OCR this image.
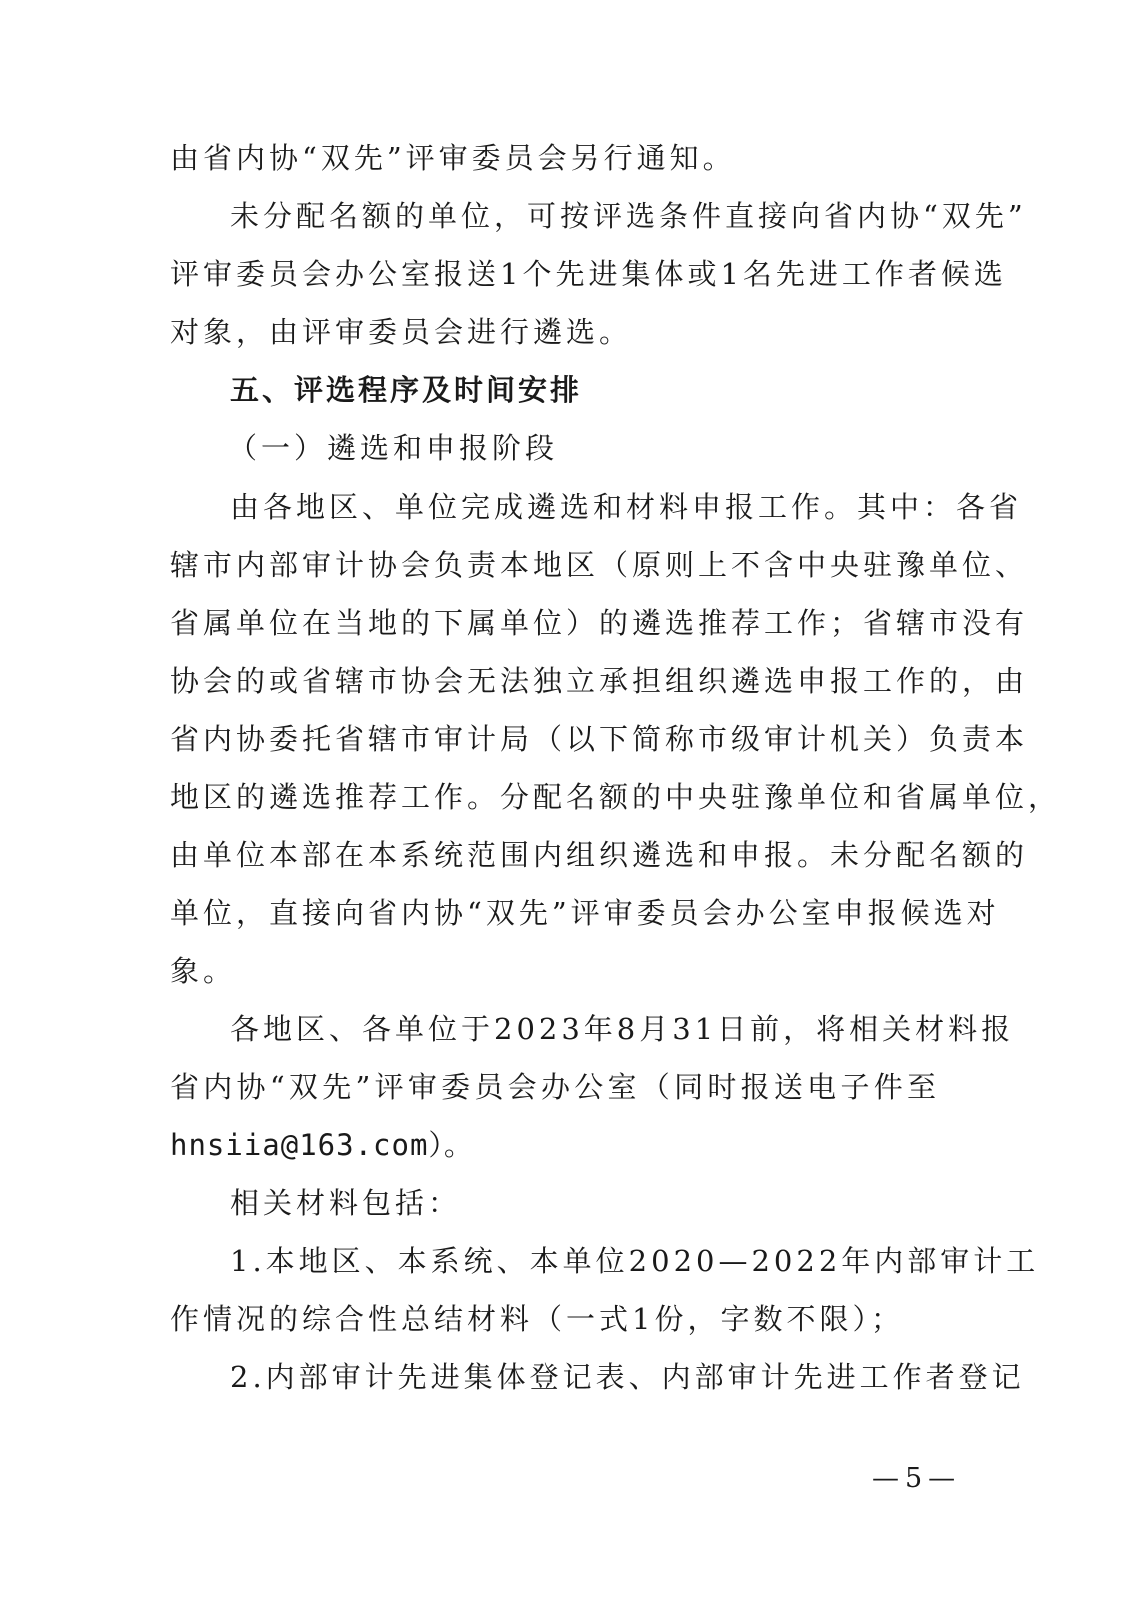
由省内协“双先”评审委员会另行通知。
未分配名额的单位，可按评选条件直接向省内协“双先”
评审委员会办公室报送1个先进集体或1名先进工作者候选
对象，由评审委员会进行遴选。
五、评选程序及时间安排
（一）遴选和申报阶段
由各地区、单位完成遴选和材料申报工作。其中：各省
辖市内部审计协会负责本地区（原则上不含中央驻豫单位、
省属单位在当地的下属单位）的遴选推荐工作；省辖市没有
协会的或省辖市协会无法独立承担组织遴选申报工作的，由
省内协委托省辖市审计局（以下简称市级审计机关）负责本
地区的遴选推荐工作。分配名额的中央驻豫单位和省属单位，
由单位本部在本系统范围内组织遴选和申报。未分配名额的
单位，直接向省内协“双先”评审委员会办公室申报候选对
象。
各地区、各单位于2023年8月31日前，将相关材料报
省内协“双先”评审委员会办公室（同时报送电子件至
hnsiia@163.com）。
相关材料包括：
1.本地区、本系统、本单位2020—2022年内部审计工
作情况的综合性总结材料（一式1份，字数不限）；
2.内部审计先进集体登记表、内部审计先进工作者登记
—5—
